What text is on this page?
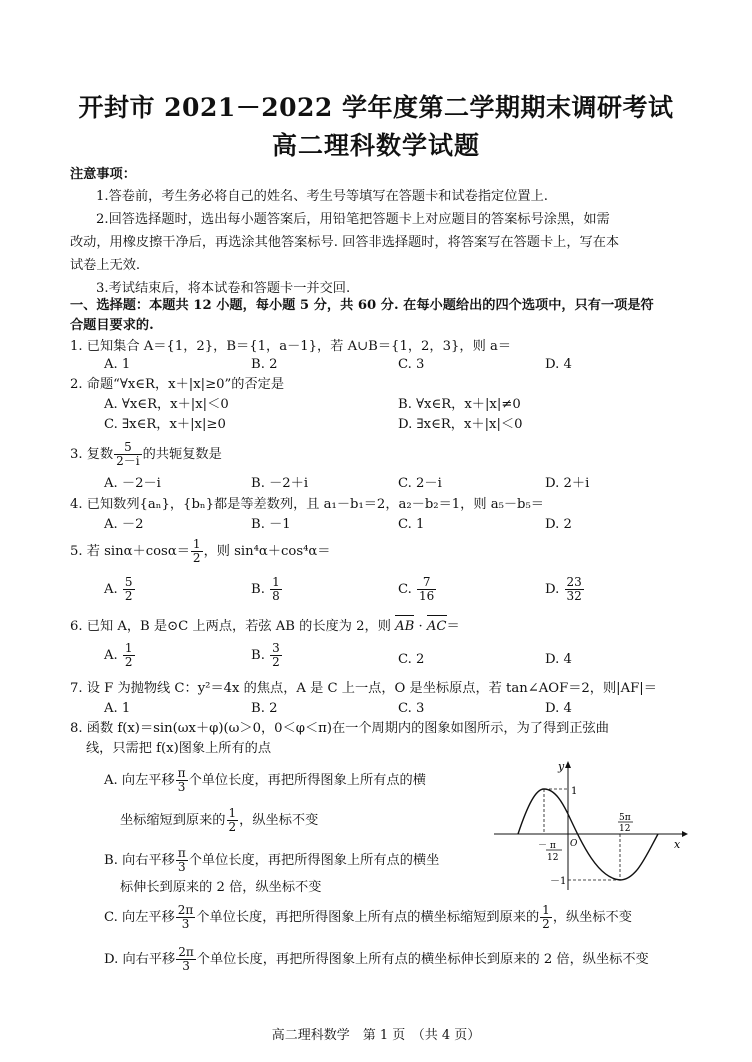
开封市 2021－2022 学年度第二学期期末调研考试
高二理科数学试题
注意事项：
1.答卷前，考生务必将自己的姓名、考生号等填写在答题卡和试卷指定位置上.
2.回答选择题时，选出每小题答案后，用铅笔把答题卡上对应题目的答案标号涂黑，如需
改动，用橡皮擦干净后，再选涂其他答案标号. 回答非选择题时，将答案写在答题卡上，写在本
试卷上无效.
3.考试结束后，将本试卷和答题卡一并交回.
一、选择题：本题共 12 小题，每小题 5 分，共 60 分. 在每小题给出的四个选项中，只有一项是符
合题目要求的.
1. 已知集合 A＝{1，2}，B＝{1，a－1}，若 A∪B＝{1，2，3}，则 a＝
A. 1	B. 2	C. 3	D. 4
2. 命题“∀x∈R，x＋|x|≥0”的否定是
A. ∀x∈R，x＋|x|＜0	B. ∀x∈R，x＋|x|≠0
C. ∃x∈R，x＋|x|≥0	D. ∃x∈R，x＋|x|＜0
3. 复数 $\frac{5}{2-i}$ 的共轭复数是
A. －2－i	B. －2＋i	C. 2－i	D. 2＋i
4. 已知数列{aₙ}，{bₙ}都是等差数列，且 a₁－b₁＝2，a₂－b₂＝1，则 a₅－b₅＝
A. －2	B. －1	C. 1	D. 2
5. 若 $\sin\alpha+\cos\alpha= \frac{1}{2}$ ，则 sin⁴α＋cos⁴α＝
A. $\frac{5}{2}$	B. $\frac{1}{8}$	C. $\frac{7}{16}$	D. $\frac{23}{32}$
6. 已知 A，B 是⊙C 上两点，若弦 AB 的长度为 2，则 AB
· AC
＝
A. $\frac{1}{2}$	B. $\frac{3}{2}$	C. 2	D. 4
7. 设 F 为抛物线 C：y²＝4x 的焦点，A 是 C 上一点，O 是坐标原点，若 tan∠AOF＝2，则|AF|＝
A. 1	B. 2	C. 3	D. 4
8. 函数 f(x)＝sin(ωx＋φ)(ω＞0，0＜φ＜π)在一个周期内的图象如图所示，为了得到正弦曲
线，只需把 f(x)图象上所有的点
A. 向左平移 $\frac{\pi}{3}$ 个单位长度，再把所得图象上所有点的横
坐标缩短到原来的 $\frac{1}{2}$ ，纵坐标不变
B. 向右平移 $\frac{\pi}{3}$ 个单位长度，再把所得图象上所有点的横坐
标伸长到原来的 2 倍，纵坐标不变
C. 向左平移 $\frac{2\pi}{3}$ 个单位长度，再把所得图象上所有点的横坐标缩短到原来的 $\frac{1}{2}$ ，纵坐标不变
D. 向右平移 $\frac{2\pi}{3}$ 个单位长度，再把所得图象上所有点的横坐标伸长到原来的 2 倍，纵坐标不变
y
x
O
1
－1
－ π
12
5π
12
高二理科数学　第 1 页　（共 4 页）
